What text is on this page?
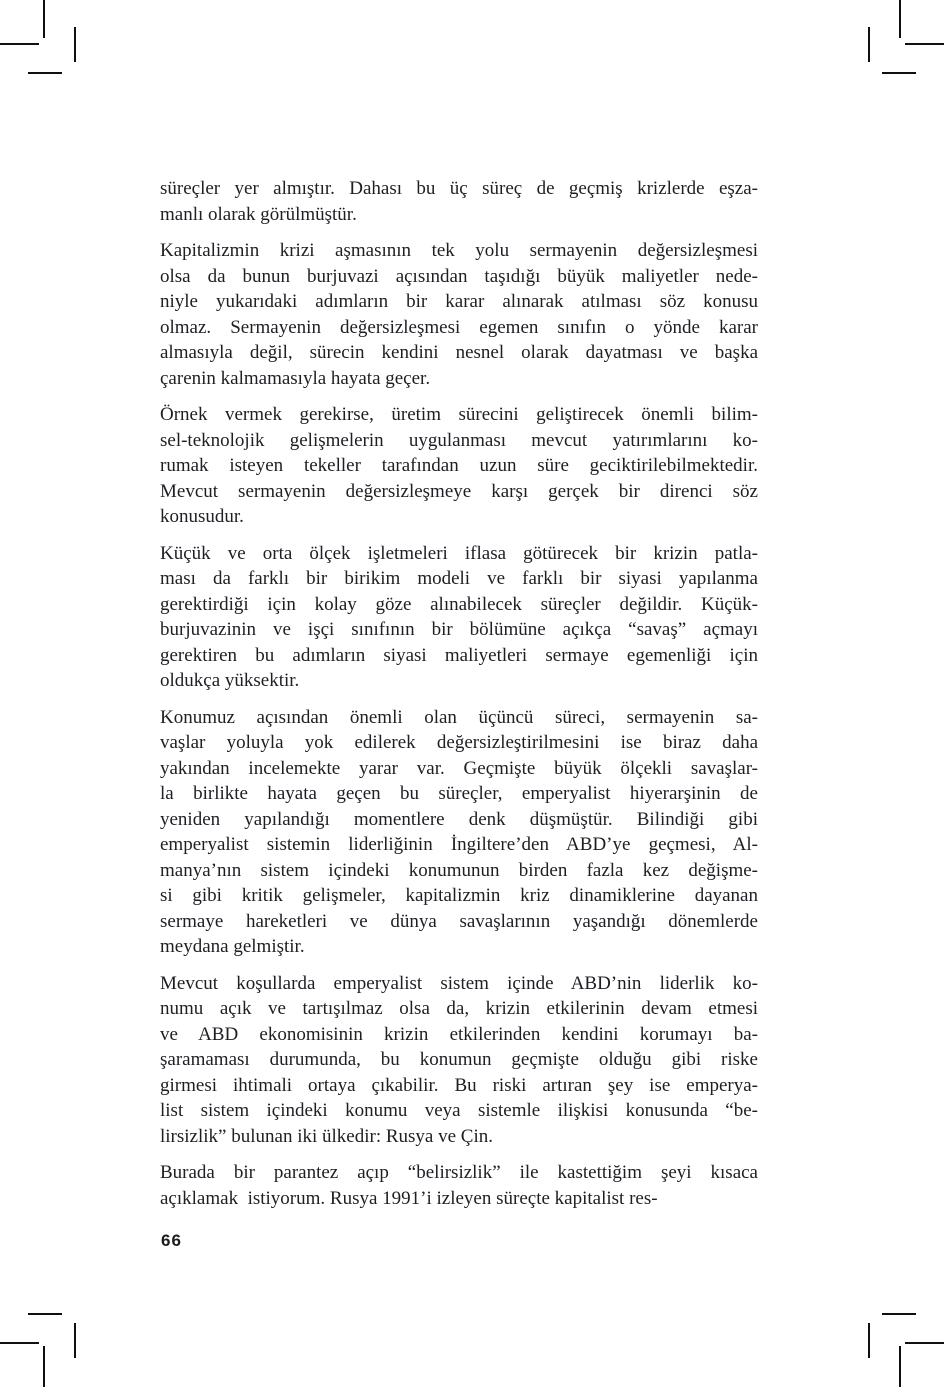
süreçler yer almıştır. Dahası bu üç süreç de geçmiş krizlerde eşza-
manlı olarak görülmüştür.
Kapitalizmin krizi aşmasının tek yolu sermayenin değersizleşmesi
olsa da bunun burjuvazi açısından taşıdığı büyük maliyetler nede-
niyle yukarıdaki adımların bir karar alınarak atılması söz konusu
olmaz. Sermayenin değersizleşmesi egemen sınıfın o yönde karar
almasıyla değil, sürecin kendini nesnel olarak dayatması ve başka
çarenin kalmamasıyla hayata geçer.
Örnek vermek gerekirse, üretim sürecini geliştirecek önemli bilim-
sel-teknolojik gelişmelerin uygulanması mevcut yatırımlarını ko-
rumak isteyen tekeller tarafından uzun süre geciktirilebilmektedir.
Mevcut sermayenin değersizleşmeye karşı gerçek bir direnci söz
konusudur.
Küçük ve orta ölçek işletmeleri iflasa götürecek bir krizin patla-
ması da farklı bir birikim modeli ve farklı bir siyasi yapılanma
gerektirdiği için kolay göze alınabilecek süreçler değildir. Küçük-
burjuvazinin ve işçi sınıfının bir bölümüne açıkça “savaş” açmayı
gerektiren bu adımların siyasi maliyetleri sermaye egemenliği için
oldukça yüksektir.
Konumuz açısından önemli olan üçüncü süreci, sermayenin sa-
vaşlar yoluyla yok edilerek değersizleştirilmesini ise biraz daha
yakından incelemekte yarar var. Geçmişte büyük ölçekli savaşlar-
la birlikte hayata geçen bu süreçler, emperyalist hiyerarşinin de
yeniden yapılandığı momentlere denk düşmüştür. Bilindiği gibi
emperyalist sistemin liderliğinin İngiltere’den ABD’ye geçmesi, Al-
manya’nın sistem içindeki konumunun birden fazla kez değişme-
si gibi kritik gelişmeler, kapitalizmin kriz dinamiklerine dayanan
sermaye hareketleri ve dünya savaşlarının yaşandığı dönemlerde
meydana gelmiştir.
Mevcut koşullarda emperyalist sistem içinde ABD’nin liderlik ko-
numu açık ve tartışılmaz olsa da, krizin etkilerinin devam etmesi
ve ABD ekonomisinin krizin etkilerinden kendini korumayı ba-
şaramaması durumunda, bu konumun geçmişte olduğu gibi riske
girmesi ihtimali ortaya çıkabilir. Bu riski artıran şey ise emperya-
list sistem içindeki konumu veya sistemle ilişkisi konusunda “be-
lirsizlik” bulunan iki ülkedir: Rusya ve Çin.
Burada bir parantez açıp “belirsizlik” ile kastettiğim şeyi kısaca
açıklamak  istiyorum. Rusya 1991’i izleyen süreçte kapitalist res-
66
